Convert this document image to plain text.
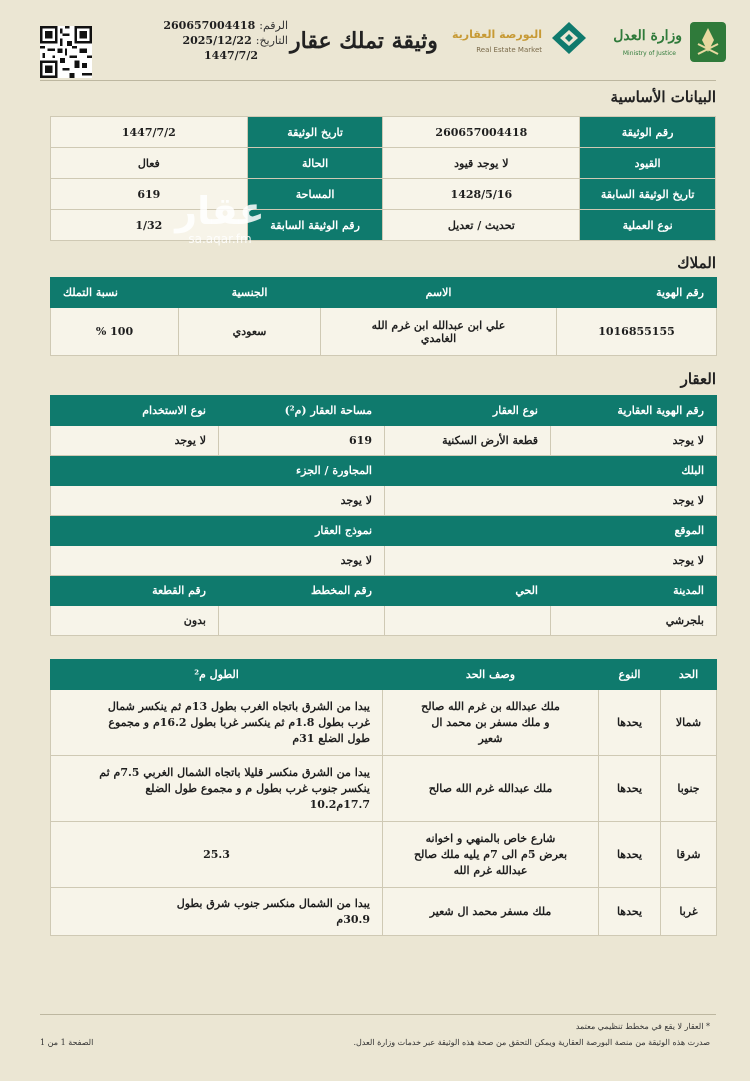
وزارة العدل
Ministry of Justice
البورصة العقارية
Real Estate Market
وثيقة تملك عقار
الرقم:
260657004418
التاريخ:
2025/12/22
1447/7/2
البيانات الأساسية
رقم الوثيقة	260657004418	تاريخ الوثيقة	1447/7/2
القيود	لا يوجد قيود	الحالة	فعال
تاريخ الوثيقة السابقة	1428/5/16	المساحة	619
نوع العملية	تحديث / تعديل	رقم الوثيقة السابقة	1/32 عقار
sa.aqar.fm
الملاك
رقم الهوية	الاسم	الجنسية	نسبة التملك
1016855155	علي ابن عبدالله ابن غرم الله الغامدي	سعودي	100 %
العقار
رقم الهوية العقارية	نوع العقار	مساحة العقار (م²)	نوع الاستخدام
لا يوجد	قطعة الأرض السكنية	619	لا يوجد
البلك		المجاورة / الجزء	
لا يوجد		لا يوجد	
الموقع		نموذج العقار	
لا يوجد		لا يوجد	
المدينة	الحي	رقم المخطط	رقم القطعة
بلجرشي			بدون
الحد	النوع	وصف الحد	الطول م²
شمالا	يحدها	ملك عبدالله بن غرم الله صالح و ملك مسفر بن محمد ال شعير	يبدا من الشرق باتجاه الغرب بطول 13م ثم ينكسر شمال غرب بطول 1.8م ثم ينكسر غربا بطول 16.2م و مجموع طول الضلع 31م
جنوبا	يحدها	ملك عبدالله غرم الله صالح	يبدا من الشرق منكسر قليلا باتجاه الشمال الغربي 7.5م ثم ينكسر جنوب غرب بطول م و مجموع طول الضلع 17.7م10.2
شرقا	يحدها	شارع خاص بالمنهي و اخوانه بعرض 5م الى 7م يليه ملك صالح عبدالله غرم الله	25.3
غربا	يحدها	ملك مسفر محمد ال شعير	يبدا من الشمال منكسر جنوب شرق بطول 30.9م
* العقار لا يقع في مخطط تنظيمي معتمد
صدرت هذه الوثيقة من منصة البورصة العقارية ويمكن التحقق من صحة هذه الوثيقة عبر خدمات وزارة العدل.
الصفحة 1 من 1
